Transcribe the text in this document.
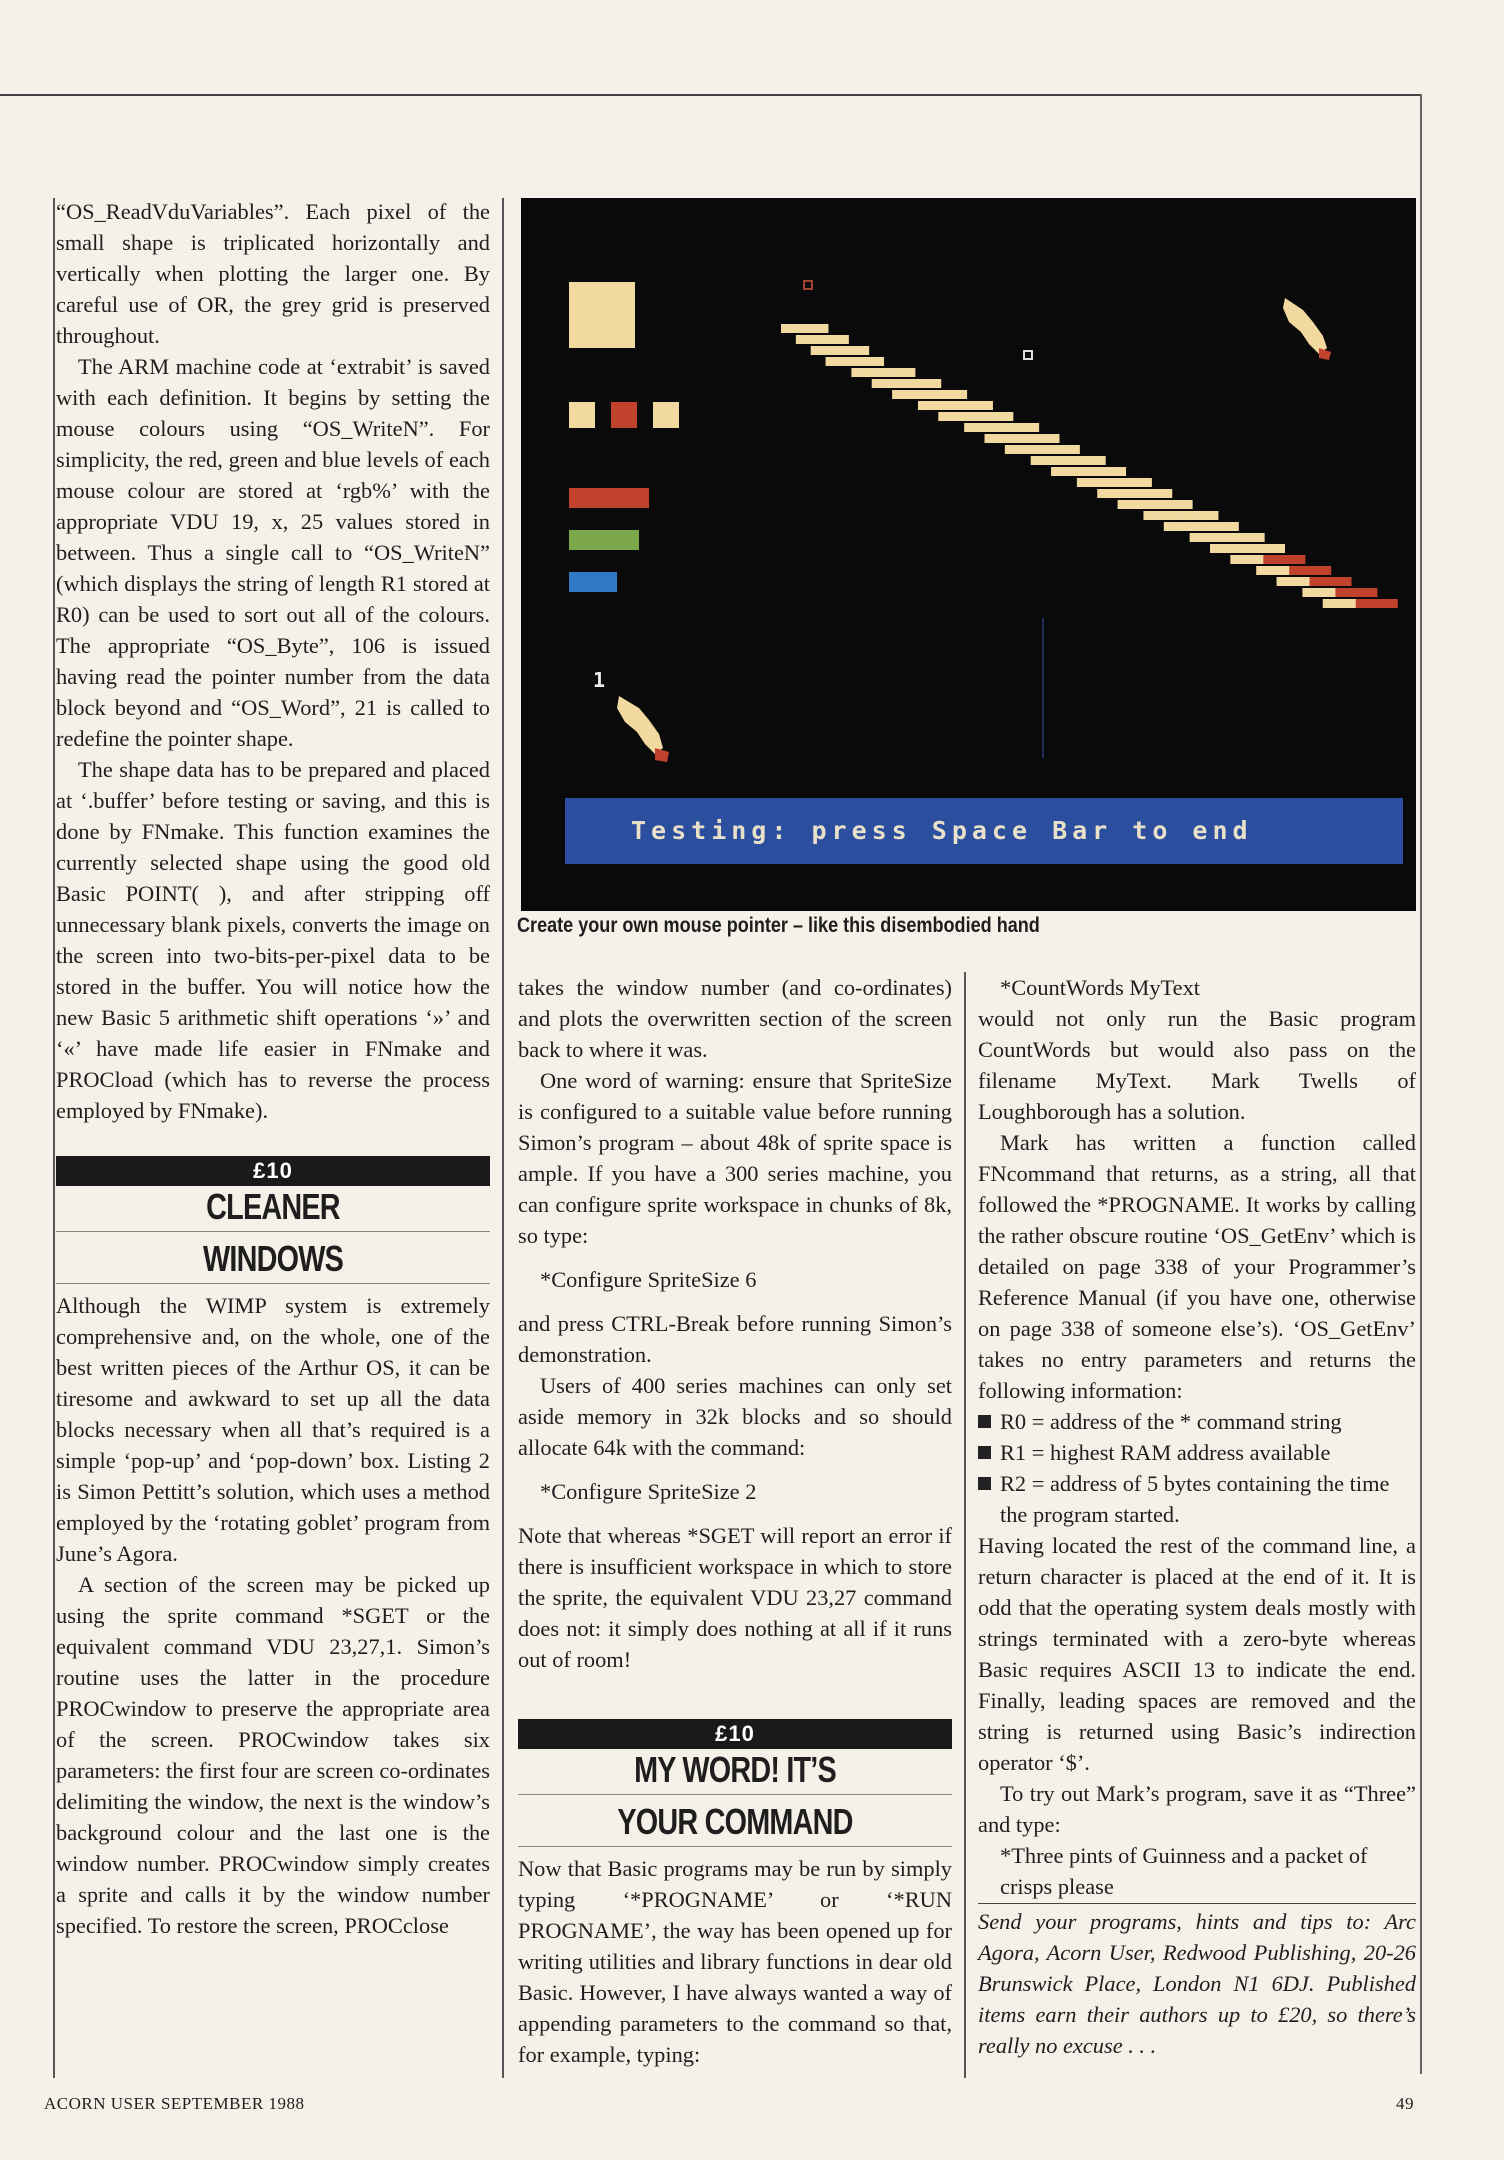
“OS_ReadVduVariables”. Each pixel of the small shape is triplicated horizontally and vertically when plotting the larger one. By careful use of OR, the grey grid is preserved throughout.

The ARM machine code at ‘extrabit’ is saved with each definition. It begins by setting the mouse colours using “OS_WriteN”. For simplicity, the red, green and blue levels of each mouse colour are stored at ‘rgb%’ with the appropriate VDU 19, x, 25 values stored in between. Thus a single call to “OS_WriteN” (which displays the string of length R1 stored at R0) can be used to sort out all of the colours. The appropriate “OS_Byte”, 106 is issued having read the pointer number from the data block beyond and “OS_Word”, 21 is called to redefine the pointer shape.

The shape data has to be prepared and placed at ‘.buffer’ before testing or saving, and this is done by FNmake. This function examines the currently selected shape using the good old Basic POINT( ), and after stripping off unnecessary blank pixels, converts the image on the screen into two-bits-per-pixel data to be stored in the buffer. You will notice how the new Basic 5 arithmetic shift operations ‘»’ and ‘«’ have made life easier in FNmake and PROCload (which has to reverse the process employed by FNmake).

£10
CLEANER
WINDOWS

Although the WIMP system is extremely comprehensive and, on the whole, one of the best written pieces of the Arthur OS, it can be tiresome and awkward to set up all the data blocks necessary when all that’s required is a simple ‘pop-up’ and ‘pop-down’ box. Listing 2 is Simon Pettitt’s solution, which uses a method employed by the ‘rotating goblet’ program from June’s Agora.

A section of the screen may be picked up using the sprite command *SGET or the equivalent command VDU 23,27,1. Simon’s routine uses the latter in the procedure PROCwindow to preserve the appropriate area of the screen. PROCwindow takes six parameters: the first four are screen co-ordinates delimiting the window, the next is the window’s background colour and the last one is the window number. PROCwindow simply creates a sprite and calls it by the window number specified. To restore the screen, PROCclose

1
Testing: press Space Bar to end
Create your own mouse pointer – like this disembodied hand

takes the window number (and co-ordinates) and plots the overwritten section of the screen back to where it was.

One word of warning: ensure that SpriteSize is configured to a suitable value before running Simon’s program – about 48k of sprite space is ample. If you have a 300 series machine, you can configure sprite workspace in chunks of 8k, so type:

*Configure SpriteSize 6

and press CTRL-Break before running Simon’s demonstration.

Users of 400 series machines can only set aside memory in 32k blocks and so should allocate 64k with the command:

*Configure SpriteSize 2

Note that whereas *SGET will report an error if there is insufficient workspace in which to store the sprite, the equivalent VDU 23,27 command does not: it simply does nothing at all if it runs out of room!

£10
MY WORD! IT’S
YOUR COMMAND

Now that Basic programs may be run by simply typing ‘*PROGNAME’ or ‘*RUN PROGNAME’, the way has been opened up for writing utilities and library functions in dear old Basic. However, I have always wanted a way of appending parameters to the command so that, for example, typing:

*CountWords MyText

would not only run the Basic program CountWords but would also pass on the filename MyText. Mark Twells of Loughborough has a solution.

Mark has written a function called FNcommand that returns, as a string, all that followed the *PROGNAME. It works by calling the rather obscure routine ‘OS_GetEnv’ which is detailed on page 338 of your Programmer’s Reference Manual (if you have one, otherwise on page 338 of someone else’s). ‘OS_GetEnv’ takes no entry parameters and returns the following information:

R0 = address of the * command string

R1 = highest RAM address available

R2 = address of 5 bytes containing the time the program started.

Having located the rest of the command line, a return character is placed at the end of it. It is odd that the operating system deals mostly with strings terminated with a zero-byte whereas Basic requires ASCII 13 to indicate the end. Finally, leading spaces are removed and the string is returned using Basic’s indirection operator ‘$’.

To try out Mark’s program, save it as “Three” and type:

*Three pints of Guinness and a packet of crisps please

Send your programs, hints and tips to: Arc Agora, Acorn User, Redwood Publishing, 20-26 Brunswick Place, London N1 6DJ. Published items earn their authors up to £20, so there’s really no excuse . . .

ACORN USER SEPTEMBER 1988	49
